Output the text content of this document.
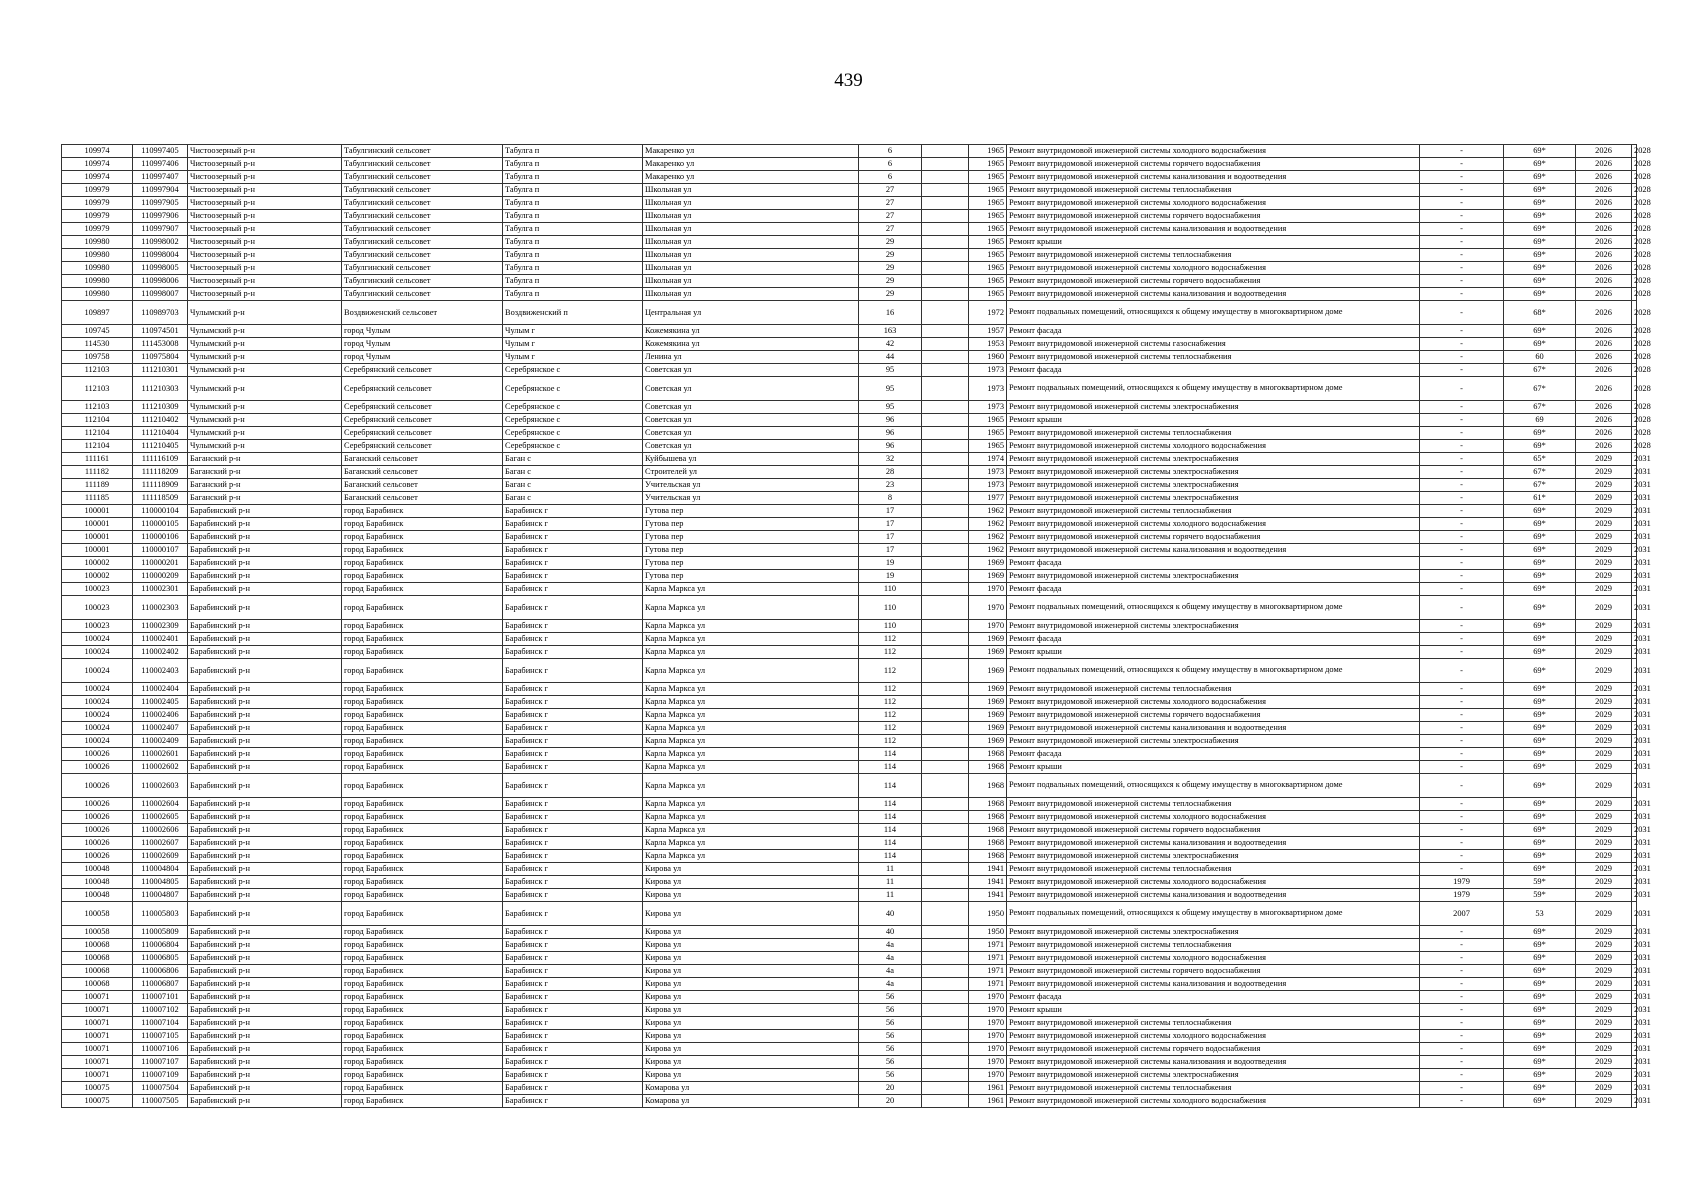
439
109974	110997405	Чистоозерный р-н	Табулгинский сельсовет	Табулга п	Макаренко ул	6		1965	Ремонт внутридомовой инженерной системы холодного водоснабжения	-	69*	2026	2028
109974	110997406	Чистоозерный р-н	Табулгинский сельсовет	Табулга п	Макаренко ул	6		1965	Ремонт внутридомовой инженерной системы горячего водоснабжения	-	69*	2026	2028
109974	110997407	Чистоозерный р-н	Табулгинский сельсовет	Табулга п	Макаренко ул	6		1965	Ремонт внутридомовой инженерной системы канализования и водоотведения	-	69*	2026	2028
109979	110997904	Чистоозерный р-н	Табулгинский сельсовет	Табулга п	Школьная ул	27		1965	Ремонт внутридомовой инженерной системы теплоснабжения	-	69*	2026	2028
109979	110997905	Чистоозерный р-н	Табулгинский сельсовет	Табулга п	Школьная ул	27		1965	Ремонт внутридомовой инженерной системы холодного водоснабжения	-	69*	2026	2028
109979	110997906	Чистоозерный р-н	Табулгинский сельсовет	Табулга п	Школьная ул	27		1965	Ремонт внутридомовой инженерной системы горячего водоснабжения	-	69*	2026	2028
109979	110997907	Чистоозерный р-н	Табулгинский сельсовет	Табулга п	Школьная ул	27		1965	Ремонт внутридомовой инженерной системы канализования и водоотведения	-	69*	2026	2028
109980	110998002	Чистоозерный р-н	Табулгинский сельсовет	Табулга п	Школьная ул	29		1965	Ремонт крыши	-	69*	2026	2028
109980	110998004	Чистоозерный р-н	Табулгинский сельсовет	Табулга п	Школьная ул	29		1965	Ремонт внутридомовой инженерной системы теплоснабжения	-	69*	2026	2028
109980	110998005	Чистоозерный р-н	Табулгинский сельсовет	Табулга п	Школьная ул	29		1965	Ремонт внутридомовой инженерной системы холодного водоснабжения	-	69*	2026	2028
109980	110998006	Чистоозерный р-н	Табулгинский сельсовет	Табулга п	Школьная ул	29		1965	Ремонт внутридомовой инженерной системы горячего водоснабжения	-	69*	2026	2028
109980	110998007	Чистоозерный р-н	Табулгинский сельсовет	Табулга п	Школьная ул	29		1965	Ремонт внутридомовой инженерной системы канализования и водоотведения	-	69*	2026	2028
109897	110989703	Чулымский р-н	Воздвиженский сельсовет	Воздвиженский п	Центральная ул	16		1972	Ремонт подвальных помещений, относящихся к общему имуществу в многоквартирном доме	-	68*	2026	2028
109745	110974501	Чулымский р-н	город Чулым	Чулым г	Кожемякина ул	163		1957	Ремонт фасада	-	69*	2026	2028
114530	111453008	Чулымский р-н	город Чулым	Чулым г	Кожемякина ул	42		1953	Ремонт внутридомовой инженерной системы газоснабжения	-	69*	2026	2028
109758	110975804	Чулымский р-н	город Чулым	Чулым г	Ленина ул	44		1960	Ремонт внутридомовой инженерной системы теплоснабжения	-	60	2026	2028
112103	111210301	Чулымский р-н	Серебрянский сельсовет	Серебрянское с	Советская ул	95		1973	Ремонт фасада	-	67*	2026	2028
112103	111210303	Чулымский р-н	Серебрянский сельсовет	Серебрянское с	Советская ул	95		1973	Ремонт подвальных помещений, относящихся к общему имуществу в многоквартирном доме	-	67*	2026	2028
112103	111210309	Чулымский р-н	Серебрянский сельсовет	Серебрянское с	Советская ул	95		1973	Ремонт внутридомовой инженерной системы электроснабжения	-	67*	2026	2028
112104	111210402	Чулымский р-н	Серебрянский сельсовет	Серебрянское с	Советская ул	96		1965	Ремонт крыши	-	69	2026	2028
112104	111210404	Чулымский р-н	Серебрянский сельсовет	Серебрянское с	Советская ул	96		1965	Ремонт внутридомовой инженерной системы теплоснабжения	-	69*	2026	2028
112104	111210405	Чулымский р-н	Серебрянский сельсовет	Серебрянское с	Советская ул	96		1965	Ремонт внутридомовой инженерной системы холодного водоснабжения	-	69*	2026	2028
111161	111116109	Баганский р-н	Баганский сельсовет	Баган с	Куйбышева ул	32		1974	Ремонт внутридомовой инженерной системы электроснабжения	-	65*	2029	2031
111182	111118209	Баганский р-н	Баганский сельсовет	Баган с	Строителей ул	28		1973	Ремонт внутридомовой инженерной системы электроснабжения	-	67*	2029	2031
111189	111118909	Баганский р-н	Баганский сельсовет	Баган с	Учительская ул	23		1973	Ремонт внутридомовой инженерной системы электроснабжения	-	67*	2029	2031
111185	111118509	Баганский р-н	Баганский сельсовет	Баган с	Учительская ул	8		1977	Ремонт внутридомовой инженерной системы электроснабжения	-	61*	2029	2031
100001	110000104	Барабинский р-н	город Барабинск	Барабинск г	Гутова пер	17		1962	Ремонт внутридомовой инженерной системы теплоснабжения	-	69*	2029	2031
100001	110000105	Барабинский р-н	город Барабинск	Барабинск г	Гутова пер	17		1962	Ремонт внутридомовой инженерной системы холодного водоснабжения	-	69*	2029	2031
100001	110000106	Барабинский р-н	город Барабинск	Барабинск г	Гутова пер	17		1962	Ремонт внутридомовой инженерной системы горячего водоснабжения	-	69*	2029	2031
100001	110000107	Барабинский р-н	город Барабинск	Барабинск г	Гутова пер	17		1962	Ремонт внутридомовой инженерной системы канализования и водоотведения	-	69*	2029	2031
100002	110000201	Барабинский р-н	город Барабинск	Барабинск г	Гутова пер	19		1969	Ремонт фасада	-	69*	2029	2031
100002	110000209	Барабинский р-н	город Барабинск	Барабинск г	Гутова пер	19		1969	Ремонт внутридомовой инженерной системы электроснабжения	-	69*	2029	2031
100023	110002301	Барабинский р-н	город Барабинск	Барабинск г	Карла Маркса ул	110		1970	Ремонт фасада	-	69*	2029	2031
100023	110002303	Барабинский р-н	город Барабинск	Барабинск г	Карла Маркса ул	110		1970	Ремонт подвальных помещений, относящихся к общему имуществу в многоквартирном доме	-	69*	2029	2031
100023	110002309	Барабинский р-н	город Барабинск	Барабинск г	Карла Маркса ул	110		1970	Ремонт внутридомовой инженерной системы электроснабжения	-	69*	2029	2031
100024	110002401	Барабинский р-н	город Барабинск	Барабинск г	Карла Маркса ул	112		1969	Ремонт фасада	-	69*	2029	2031
100024	110002402	Барабинский р-н	город Барабинск	Барабинск г	Карла Маркса ул	112		1969	Ремонт крыши	-	69*	2029	2031
100024	110002403	Барабинский р-н	город Барабинск	Барабинск г	Карла Маркса ул	112		1969	Ремонт подвальных помещений, относящихся к общему имуществу в многоквартирном доме	-	69*	2029	2031
100024	110002404	Барабинский р-н	город Барабинск	Барабинск г	Карла Маркса ул	112		1969	Ремонт внутридомовой инженерной системы теплоснабжения	-	69*	2029	2031
100024	110002405	Барабинский р-н	город Барабинск	Барабинск г	Карла Маркса ул	112		1969	Ремонт внутридомовой инженерной системы холодного водоснабжения	-	69*	2029	2031
100024	110002406	Барабинский р-н	город Барабинск	Барабинск г	Карла Маркса ул	112		1969	Ремонт внутридомовой инженерной системы горячего водоснабжения	-	69*	2029	2031
100024	110002407	Барабинский р-н	город Барабинск	Барабинск г	Карла Маркса ул	112		1969	Ремонт внутридомовой инженерной системы канализования и водоотведения	-	69*	2029	2031
100024	110002409	Барабинский р-н	город Барабинск	Барабинск г	Карла Маркса ул	112		1969	Ремонт внутридомовой инженерной системы электроснабжения	-	69*	2029	2031
100026	110002601	Барабинский р-н	город Барабинск	Барабинск г	Карла Маркса ул	114		1968	Ремонт фасада	-	69*	2029	2031
100026	110002602	Барабинский р-н	город Барабинск	Барабинск г	Карла Маркса ул	114		1968	Ремонт крыши	-	69*	2029	2031
100026	110002603	Барабинский р-н	город Барабинск	Барабинск г	Карла Маркса ул	114		1968	Ремонт подвальных помещений, относящихся к общему имуществу в многоквартирном доме	-	69*	2029	2031
100026	110002604	Барабинский р-н	город Барабинск	Барабинск г	Карла Маркса ул	114		1968	Ремонт внутридомовой инженерной системы теплоснабжения	-	69*	2029	2031
100026	110002605	Барабинский р-н	город Барабинск	Барабинск г	Карла Маркса ул	114		1968	Ремонт внутридомовой инженерной системы холодного водоснабжения	-	69*	2029	2031
100026	110002606	Барабинский р-н	город Барабинск	Барабинск г	Карла Маркса ул	114		1968	Ремонт внутридомовой инженерной системы горячего водоснабжения	-	69*	2029	2031
100026	110002607	Барабинский р-н	город Барабинск	Барабинск г	Карла Маркса ул	114		1968	Ремонт внутридомовой инженерной системы канализования и водоотведения	-	69*	2029	2031
100026	110002609	Барабинский р-н	город Барабинск	Барабинск г	Карла Маркса ул	114		1968	Ремонт внутридомовой инженерной системы электроснабжения	-	69*	2029	2031
100048	110004804	Барабинский р-н	город Барабинск	Барабинск г	Кирова ул	11		1941	Ремонт внутридомовой инженерной системы теплоснабжения	-	69*	2029	2031
100048	110004805	Барабинский р-н	город Барабинск	Барабинск г	Кирова ул	11		1941	Ремонт внутридомовой инженерной системы холодного водоснабжения	1979	59*	2029	2031
100048	110004807	Барабинский р-н	город Барабинск	Барабинск г	Кирова ул	11		1941	Ремонт внутридомовой инженерной системы канализования и водоотведения	1979	59*	2029	2031
100058	110005803	Барабинский р-н	город Барабинск	Барабинск г	Кирова ул	40		1950	Ремонт подвальных помещений, относящихся к общему имуществу в многоквартирном доме	2007	53	2029	2031
100058	110005809	Барабинский р-н	город Барабинск	Барабинск г	Кирова ул	40		1950	Ремонт внутридомовой инженерной системы электроснабжения	-	69*	2029	2031
100068	110006804	Барабинский р-н	город Барабинск	Барабинск г	Кирова ул	4а		1971	Ремонт внутридомовой инженерной системы теплоснабжения	-	69*	2029	2031
100068	110006805	Барабинский р-н	город Барабинск	Барабинск г	Кирова ул	4а		1971	Ремонт внутридомовой инженерной системы холодного водоснабжения	-	69*	2029	2031
100068	110006806	Барабинский р-н	город Барабинск	Барабинск г	Кирова ул	4а		1971	Ремонт внутридомовой инженерной системы горячего водоснабжения	-	69*	2029	2031
100068	110006807	Барабинский р-н	город Барабинск	Барабинск г	Кирова ул	4а		1971	Ремонт внутридомовой инженерной системы канализования и водоотведения	-	69*	2029	2031
100071	110007101	Барабинский р-н	город Барабинск	Барабинск г	Кирова ул	56		1970	Ремонт фасада	-	69*	2029	2031
100071	110007102	Барабинский р-н	город Барабинск	Барабинск г	Кирова ул	56		1970	Ремонт крыши	-	69*	2029	2031
100071	110007104	Барабинский р-н	город Барабинск	Барабинск г	Кирова ул	56		1970	Ремонт внутридомовой инженерной системы теплоснабжения	-	69*	2029	2031
100071	110007105	Барабинский р-н	город Барабинск	Барабинск г	Кирова ул	56		1970	Ремонт внутридомовой инженерной системы холодного водоснабжения	-	69*	2029	2031
100071	110007106	Барабинский р-н	город Барабинск	Барабинск г	Кирова ул	56		1970	Ремонт внутридомовой инженерной системы горячего водоснабжения	-	69*	2029	2031
100071	110007107	Барабинский р-н	город Барабинск	Барабинск г	Кирова ул	56		1970	Ремонт внутридомовой инженерной системы канализования и водоотведения	-	69*	2029	2031
100071	110007109	Барабинский р-н	город Барабинск	Барабинск г	Кирова ул	56		1970	Ремонт внутридомовой инженерной системы электроснабжения	-	69*	2029	2031
100075	110007504	Барабинский р-н	город Барабинск	Барабинск г	Комарова ул	20		1961	Ремонт внутридомовой инженерной системы теплоснабжения	-	69*	2029	2031
100075	110007505	Барабинский р-н	город Барабинск	Барабинск г	Комарова ул	20		1961	Ремонт внутридомовой инженерной системы холодного водоснабжения	-	69*	2029	2031
